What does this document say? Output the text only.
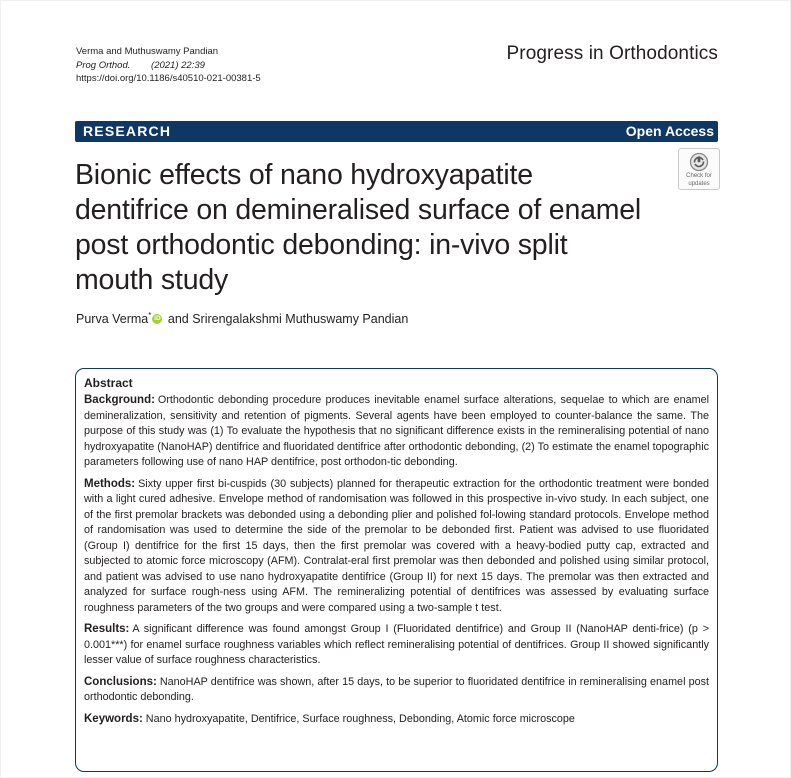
Verma and Muthuswamy Pandian
Prog Orthod. (2021) 22:39
https://doi.org/10.1186/s40510-021-00381-5
Progress in Orthodontics
RESEARCH	Open Access
Check for
updates
Bionic effects of nano hydroxyapatite
dentifrice on demineralised surface of enamel
post orthodontic debonding: in-vivo split
mouth study
Purva Verma* iD and Srirengalakshmi Muthuswamy Pandian
Abstract

Background: Orthodontic debonding procedure produces inevitable enamel surface alterations, sequelae to which are enamel demineralization, sensitivity and retention of pigments. Several agents have been employed to counter-balance the same. The purpose of this study was (1) To evaluate the hypothesis that no significant difference exists in the remineralising potential of nano hydroxyapatite (NanoHAP) dentifrice and fluoridated dentifrice after orthodontic debonding, (2) To estimate the enamel topographic parameters following use of nano HAP dentifrice, post orthodon-tic debonding.

Methods: Sixty upper first bi-cuspids (30 subjects) planned for therapeutic extraction for the orthodontic treatment were bonded with a light cured adhesive. Envelope method of randomisation was followed in this prospective in-vivo study. In each subject, one of the first premolar brackets was debonded using a debonding plier and polished fol-lowing standard protocols. Envelope method of randomisation was used to determine the side of the premolar to be debonded first. Patient was advised to use fluoridated (Group I) dentifrice for the first 15 days, then the first premolar was covered with a heavy-bodied putty cap, extracted and subjected to atomic force microscopy (AFM). Contralat-eral first premolar was then debonded and polished using similar protocol, and patient was advised to use nano hydroxyapatite dentifrice (Group II) for next 15 days. The premolar was then extracted and analyzed for surface rough-ness using AFM. The remineralizing potential of dentifrices was assessed by evaluating surface roughness parameters of the two groups and were compared using a two-sample t test.

Results: A significant difference was found amongst Group I (Fluoridated dentifrice) and Group II (NanoHAP denti-frice) (p > 0.001***) for enamel surface roughness variables which reflect remineralising potential of dentifrices. Group II showed significantly lesser value of surface roughness characteristics.

Conclusions: NanoHAP dentifrice was shown, after 15 days, to be superior to fluoridated dentifrice in remineralising enamel post orthodontic debonding.

Keywords: Nano hydroxyapatite, Dentifrice, Surface roughness, Debonding, Atomic force microscope
